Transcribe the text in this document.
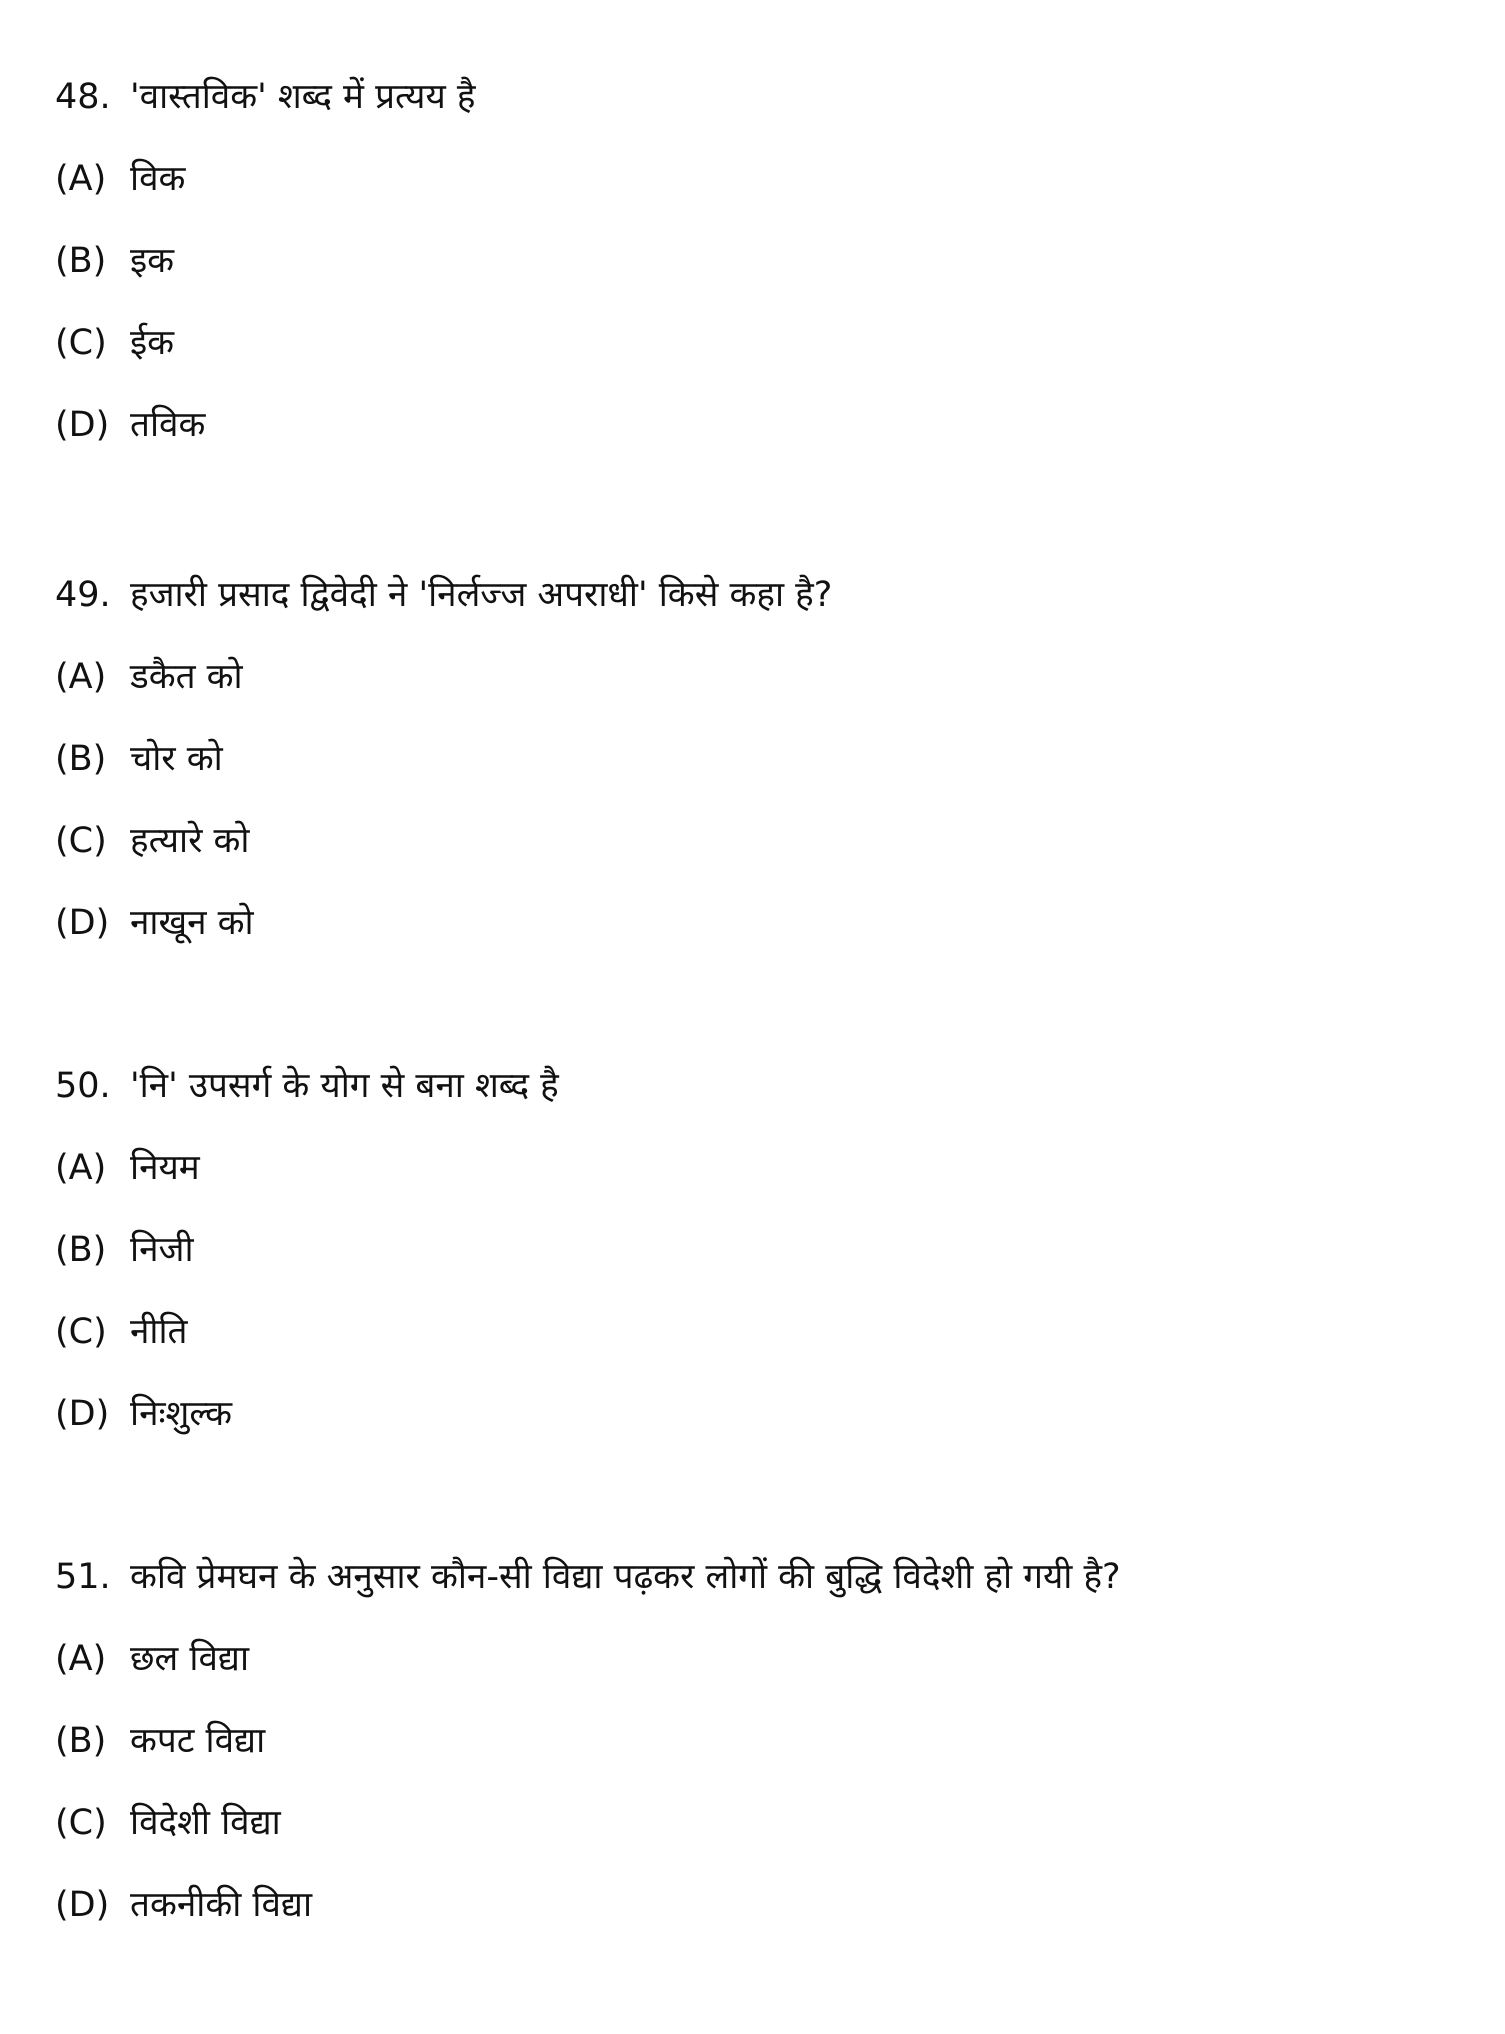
48. 'वास्तविक' शब्द में प्रत्यय है
(A) विक
(B) इक
(C) ईक
(D) तविक
49. हजारी प्रसाद द्विवेदी ने 'निर्लज्ज अपराधी' किसे कहा है?
(A) डकैत को
(B) चोर को
(C) हत्यारे को
(D) नाखून को
50. 'नि' उपसर्ग के योग से बना शब्द है
(A) नियम
(B) निजी
(C) नीति
(D) निःशुल्क
51. कवि प्रेमघन के अनुसार कौन-सी विद्या पढ़कर लोगों की बुद्धि विदेशी हो गयी है?
(A) छल विद्या
(B) कपट विद्या
(C) विदेशी विद्या
(D) तकनीकी विद्या
